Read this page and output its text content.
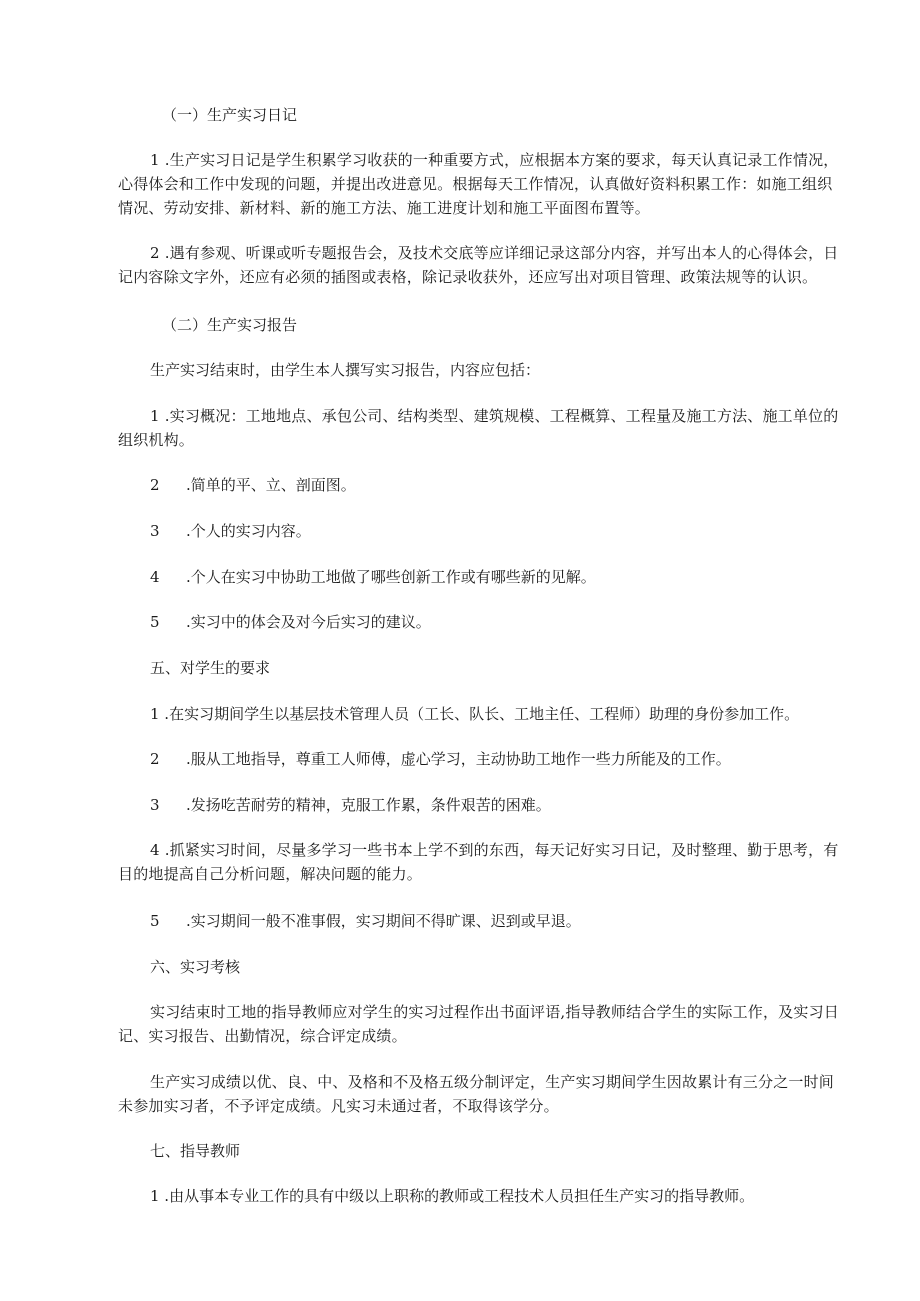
（一）生产实习日记

1 .生产实习日记是学生积累学习收获的一种重要方式，应根据本方案的要求，每天认真记录工作情况，心得体会和工作中发现的问题，并提出改进意见。根据每天工作情况，认真做好资料积累工作：如施工组织情况、劳动安排、新材料、新的施工方法、施工进度计划和施工平面图布置等。

2 .遇有参观、听课或听专题报告会，及技术交底等应详细记录这部分内容，并写出本人的心得体会，日记内容除文字外，还应有必须的插图或表格，除记录收获外，还应写出对项目管理、政策法规等的认识。

（二）生产实习报告

生产实习结束时，由学生本人撰写实习报告，内容应包括：

1 .实习概况：工地地点、承包公司、结构类型、建筑规模、工程概算、工程量及施工方法、施工单位的组织机构。

2 .简单的平、立、剖面图。
3 .个人的实习内容。
4 .个人在实习中协助工地做了哪些创新工作或有哪些新的见解。
5 .实习中的体会及对今后实习的建议。

五、对学生的要求

1 .在实习期间学生以基层技术管理人员（工长、队长、工地主任、工程师）助理的身份参加工作。

2 .服从工地指导，尊重工人师傅，虚心学习，主动协助工地作一些力所能及的工作。
3 .发扬吃苦耐劳的精神，克服工作累，条件艰苦的困难。

4 .抓紧实习时间，尽量多学习一些书本上学不到的东西，每天记好实习日记，及时整理、勤于思考，有目的地提高自己分析问题，解决问题的能力。

5 .实习期间一般不准事假，实习期间不得旷课、迟到或早退。

六、实习考核

实习结束时工地的指导教师应对学生的实习过程作出书面评语,指导教师结合学生的实际工作，及实习日记、实习报告、出勤情况，综合评定成绩。

生产实习成绩以优、良、中、及格和不及格五级分制评定，生产实习期间学生因故累计有三分之一时间未参加实习者，不予评定成绩。凡实习未通过者，不取得该学分。

七、指导教师

1 .由从事本专业工作的具有中级以上职称的教师或工程技术人员担任生产实习的指导教师。
